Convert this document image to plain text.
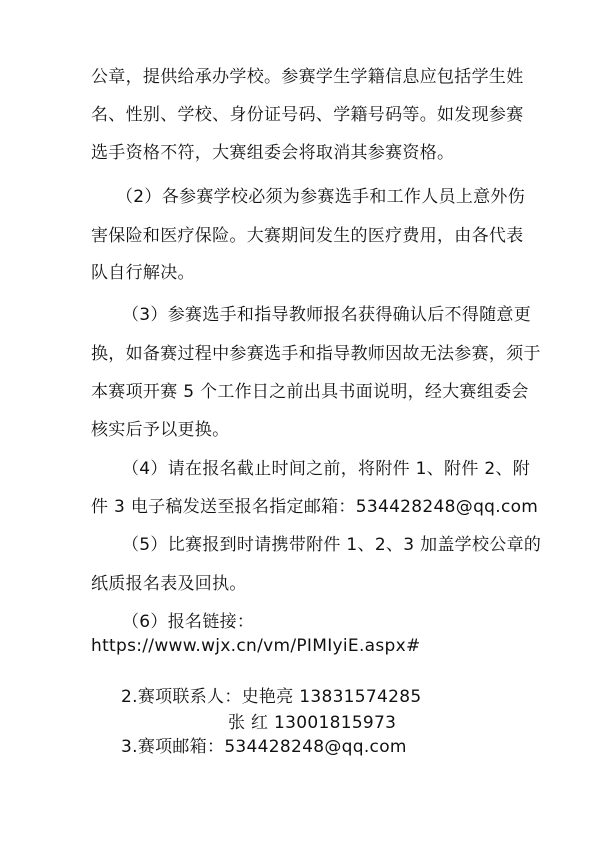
公章，提供给承办学校。参赛学生学籍信息应包括学生姓
名、性别、学校、身份证号码、学籍号码等。如发现参赛
选手资格不符，大赛组委会将取消其参赛资格。
（2）各参赛学校必须为参赛选手和工作人员上意外伤
害保险和医疗保险。大赛期间发生的医疗费用，由各代表
队自行解决。
（3）参赛选手和指导教师报名获得确认后不得随意更
换，如备赛过程中参赛选手和指导教师因故无法参赛，须于
本赛项开赛 5 个工作日之前出具书面说明，经大赛组委会
核实后予以更换。
（4）请在报名截止时间之前，将附件 1、附件 2、附
件 3 电子稿发送至报名指定邮箱：534428248@qq.com
（5）比赛报到时请携带附件 1、2、3 加盖学校公章的
纸质报名表及回执。
（6）报名链接：
https://www.wjx.cn/vm/PIMIyiE.aspx#
2.赛项联系人：史艳亮 13831574285
张 红 13001815973
3.赛项邮箱：534428248@qq.com
